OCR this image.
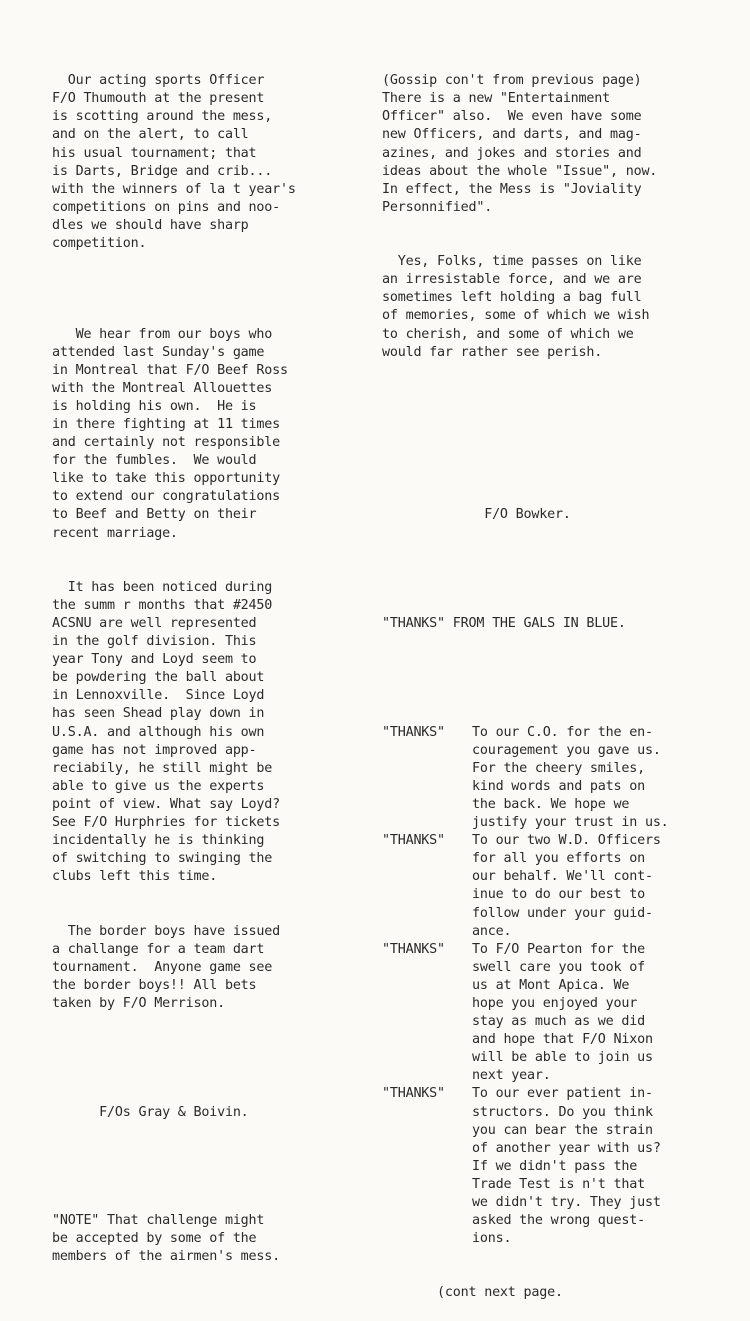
Our acting sports Officer
F/O Thumouth at the present
is scotting around the mess,
and on the alert, to call
his usual tournament; that
is Darts, Bridge and crib...
with the winners of la t year's
competitions on pins and noo-
dles we should have sharp
competition.

We hear from our boys who
attended last Sunday's game
in Montreal that F/O Beef Ross
with the Montreal Allouettes
is holding his own.  He is
in there fighting at 11 times
and certainly not responsible
for the fumbles.  We would
like to take this opportunity
to extend our congratulations
to Beef and Betty on their
recent marriage.

It has been noticed during
the summ r months that #2450
ACSNU are well represented
in the golf division. This
year Tony and Loyd seem to
be powdering the ball about
in Lennoxville.  Since Loyd
has seen Shead play down in
U.S.A. and although his own
game has not improved app-
reciabily, he still might be
able to give us the experts
point of view. What say Loyd?
See F/O Hurphries for tickets
incidentally he is thinking
of switching to swinging the
clubs left this time.

The border boys have issued
a challange for a team dart
tournament.  Anyone game see
the border boys!! All bets
taken by F/O Merrison.

F/Os Gray & Boivin.

"NOTE" That challenge might
be accepted by some of the
members of the airmen's mess.

(Gossip con't from previous page)
There is a new "Entertainment
Officer" also.  We even have some
new Officers, and darts, and mag-
azines, and jokes and stories and
ideas about the whole "Issue", now.
In effect, the Mess is "Joviality
Personnified".

Yes, Folks, time passes on like
an irresistable force, and we are
sometimes left holding a bag full
of memories, some of which we wish
to cherish, and some of which we
would far rather see perish.

F/O Bowker.

"THANKS" FROM THE GALS IN BLUE.

"THANKS" To our C.O. for the en-
couragement you gave us.
For the cheery smiles,
kind words and pats on
the back. We hope we
justify your trust in us.
"THANKS" To our two W.D. Officers
for all you efforts on
our behalf. We'll cont-
inue to do our best to
follow under your guid-
ance.
"THANKS" To F/O Pearton for the
swell care you took of
us at Mont Apica. We
hope you enjoyed your
stay as much as we did
and hope that F/O Nixon
will be able to join us
next year.
"THANKS" To our ever patient in-
structors. Do you think
you can bear the strain
of another year with us?
If we didn't pass the
Trade Test is n't that
we didn't try. They just
asked the wrong quest-
ions.

(cont next page.
